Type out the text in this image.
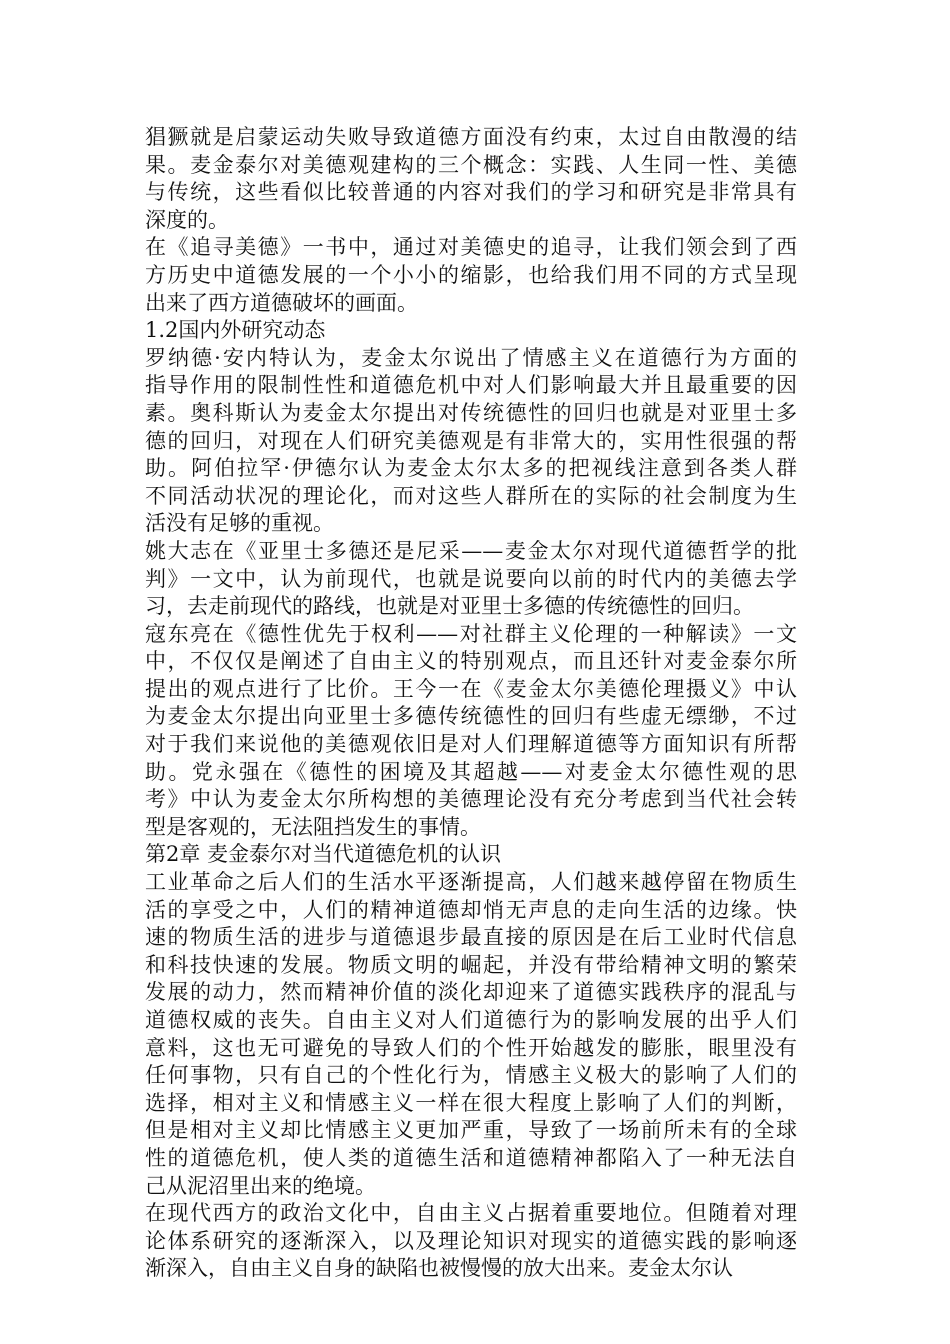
猖獗就是启蒙运动失败导致道德方面没有约束，太过自由散漫的结
果。麦金泰尔对美德观建构的三个概念：实践、人生同一性、美德
与传统，这些看似比较普通的内容对我们的学习和研究是非常具有
深度的。
在《追寻美德》一书中，通过对美德史的追寻，让我们领会到了西
方历史中道德发展的一个小小的缩影，也给我们用不同的方式呈现
出来了西方道德破坏的画面。
1.2国内外研究动态
罗纳德·安内特认为，麦金太尔说出了情感主义在道德行为方面的
指导作用的限制性性和道德危机中对人们影响最大并且最重要的因
素。奥科斯认为麦金太尔提出对传统德性的回归也就是对亚里士多
德的回归，对现在人们研究美德观是有非常大的，实用性很强的帮
助。阿伯拉罕·伊德尔认为麦金太尔太多的把视线注意到各类人群
不同活动状况的理论化，而对这些人群所在的实际的社会制度为生
活没有足够的重视。
姚大志在《亚里士多德还是尼采——麦金太尔对现代道德哲学的批
判》一文中，认为前现代，也就是说要向以前的时代内的美德去学
习，去走前现代的路线，也就是对亚里士多德的传统德性的回归。
寇东亮在《德性优先于权利——对社群主义伦理的一种解读》一文
中，不仅仅是阐述了自由主义的特别观点，而且还针对麦金泰尔所
提出的观点进行了比价。王今一在《麦金太尔美德伦理摄义》中认
为麦金太尔提出向亚里士多德传统德性的回归有些虚无缥缈，不过
对于我们来说他的美德观依旧是对人们理解道德等方面知识有所帮
助。党永强在《德性的困境及其超越——对麦金太尔德性观的思
考》中认为麦金太尔所构想的美德理论没有充分考虑到当代社会转
型是客观的，无法阻挡发生的事情。
第2章 麦金泰尔对当代道德危机的认识
工业革命之后人们的生活水平逐渐提高，人们越来越停留在物质生
活的享受之中，人们的精神道德却悄无声息的走向生活的边缘。快
速的物质生活的进步与道德退步最直接的原因是在后工业时代信息
和科技快速的发展。物质文明的崛起，并没有带给精神文明的繁荣
发展的动力，然而精神价值的淡化却迎来了道德实践秩序的混乱与
道德权威的丧失。自由主义对人们道德行为的影响发展的出乎人们
意料，这也无可避免的导致人们的个性开始越发的膨胀，眼里没有
任何事物，只有自己的个性化行为，情感主义极大的影响了人们的
选择，相对主义和情感主义一样在很大程度上影响了人们的判断，
但是相对主义却比情感主义更加严重，导致了一场前所未有的全球
性的道德危机，使人类的道德生活和道德精神都陷入了一种无法自
己从泥沼里出来的绝境。
在现代西方的政治文化中，自由主义占据着重要地位。但随着对理
论体系研究的逐渐深入，以及理论知识对现实的道德实践的影响逐
渐深入，自由主义自身的缺陷也被慢慢的放大出来。麦金太尔认
